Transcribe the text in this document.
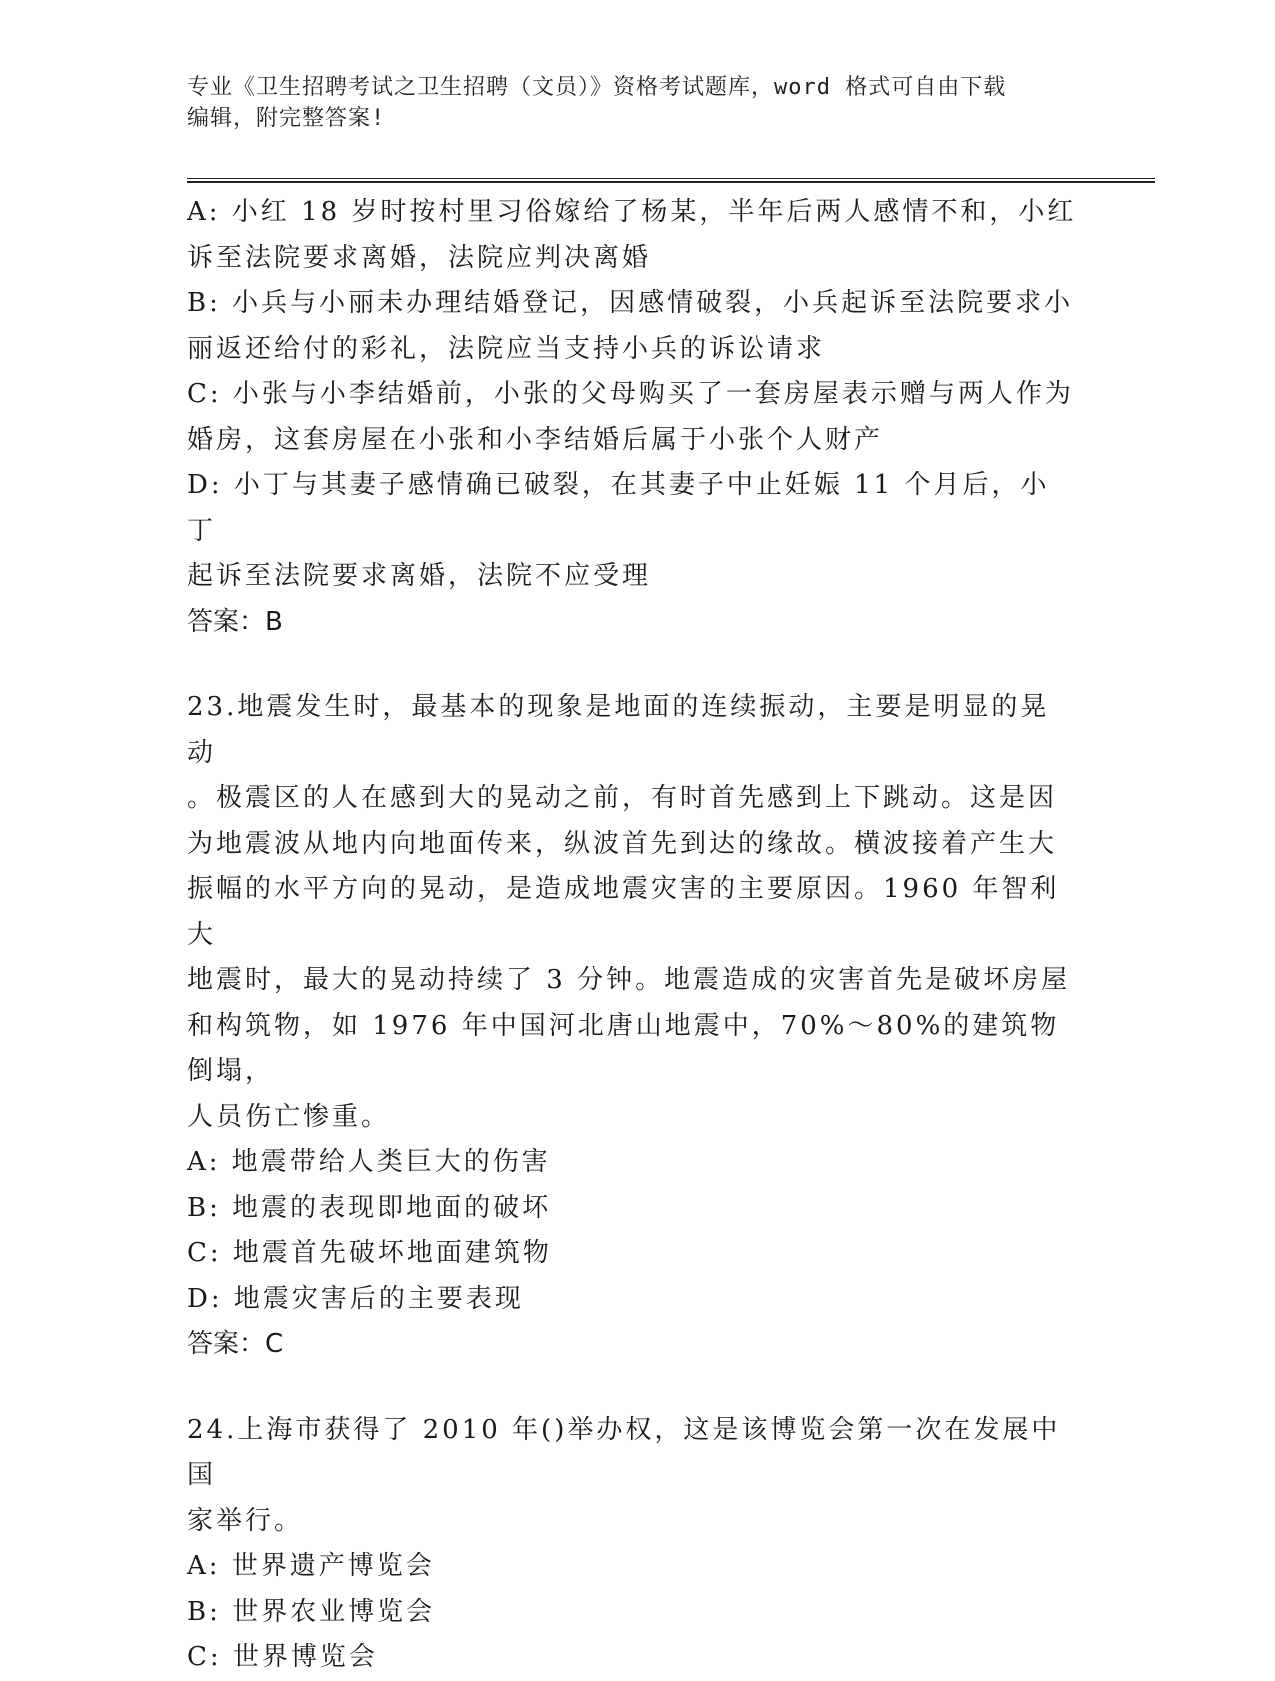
专业《卫生招聘考试之卫生招聘（文员）》资格考试题库，word 格式可自由下载
编辑，附完整答案!

A: 小红 18 岁时按村里习俗嫁给了杨某，半年后两人感情不和，小红

诉至法院要求离婚，法院应判决离婚

B: 小兵与小丽未办理结婚登记，因感情破裂，小兵起诉至法院要求小

丽返还给付的彩礼，法院应当支持小兵的诉讼请求

C: 小张与小李结婚前，小张的父母购买了一套房屋表示赠与两人作为

婚房，这套房屋在小张和小李结婚后属于小张个人财产

D: 小丁与其妻子感情确已破裂，在其妻子中止妊娠 11 个月后，小丁

起诉至法院要求离婚，法院不应受理

答案：B

23.地震发生时，最基本的现象是地面的连续振动，主要是明显的晃动

。极震区的人在感到大的晃动之前，有时首先感到上下跳动。这是因

为地震波从地内向地面传来，纵波首先到达的缘故。横波接着产生大

振幅的水平方向的晃动，是造成地震灾害的主要原因。1960 年智利大

地震时，最大的晃动持续了 3 分钟。地震造成的灾害首先是破坏房屋

和构筑物，如 1976 年中国河北唐山地震中，70%～80%的建筑物倒塌，

人员伤亡惨重。

A: 地震带给人类巨大的伤害

B: 地震的表现即地面的破坏

C: 地震首先破坏地面建筑物

D: 地震灾害后的主要表现

答案：C

24.上海市获得了 2010 年()举办权，这是该博览会第一次在发展中国

家举行。

A: 世界遗产博览会

B: 世界农业博览会

C: 世界博览会
